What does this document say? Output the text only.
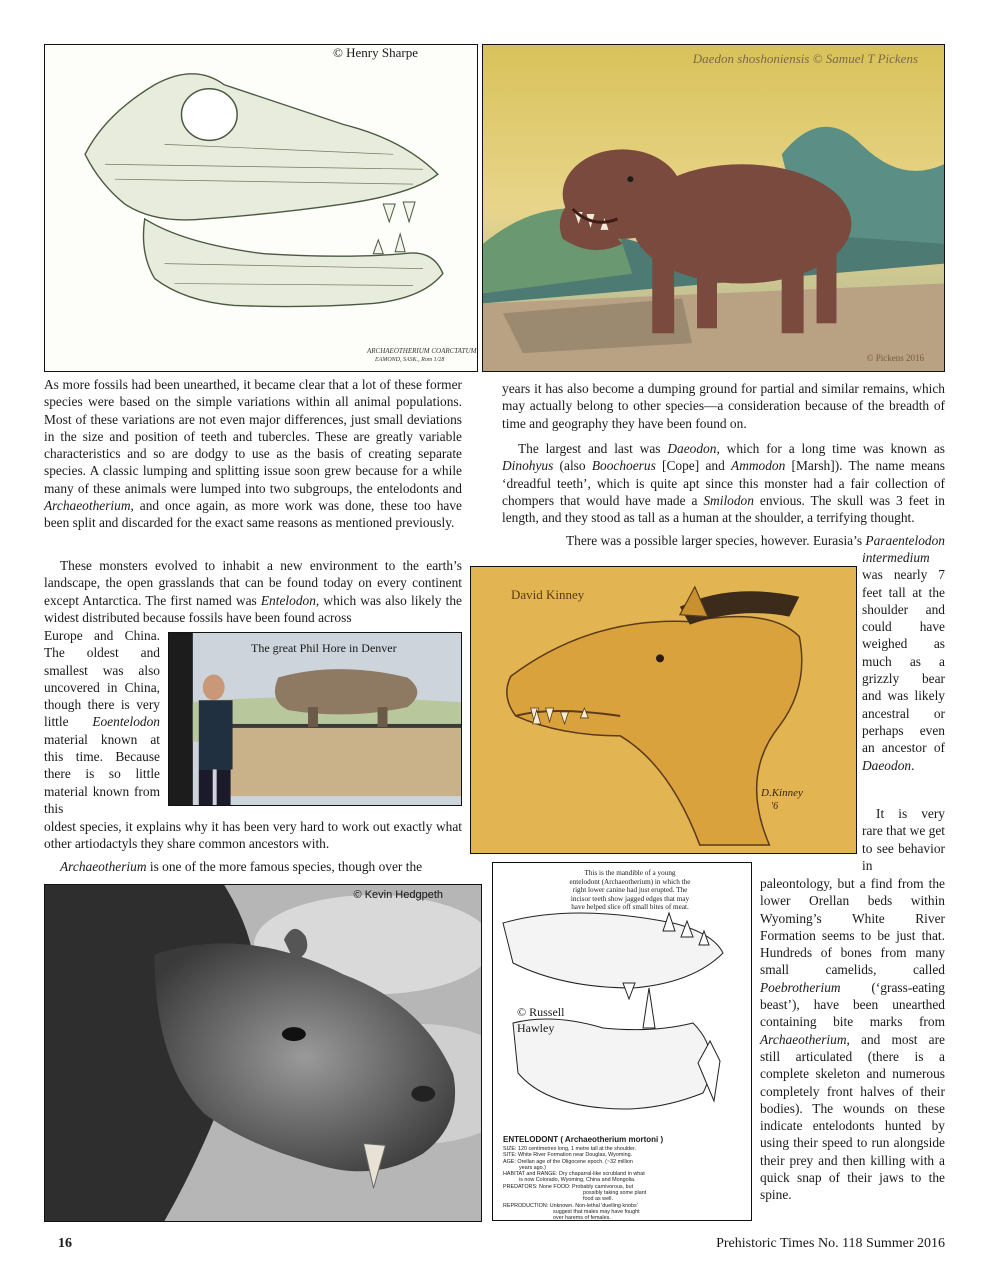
© Henry Sharpe
ARCHAEOTHERIUM COARCTATUM
EAMOND, SASK., Rom 1/28
Daedon shoshoniensis © Samuel T Pickens
© Pickens 2016

As more fossils had been unearthed, it became clear that a lot of these former species were based on the simple variations within all animal populations. Most of these variations are not even major differences, just small deviations in the size and position of teeth and tubercles. These are greatly variable characteristics and so are dodgy to use as the basis of creating separate species. A classic lumping and splitting issue soon grew because for a while many of these animals were lumped into two subgroups, the entelodonts and Archaeotherium, and once again, as more work was done, these too have been split and discarded for the exact same reasons as mentioned previously.

These monsters evolved to inhabit a new environment to the earth’s landscape, the open grasslands that can be found today on every continent except Antarctica. The first named was Entelodon, which was also likely the widest distributed because fossils have been found across

Europe and China. The oldest and smallest was also uncovered in China, though there is very little Eoentelodon material known at this time. Because there is so little material known from this

oldest species, it explains why it has been very hard to work out exactly what other artiodactyls they share common ancestors with.

Archaeotherium is one of the more famous species, though over the

The great Phil Hore in Denver

years it has also become a dumping ground for partial and similar remains, which may actually belong to other species—a consideration because of the breadth of time and geography they have been found on.

The largest and last was Daeodon, which for a long time was known as Dinohyus (also Boochoerus [Cope] and Ammodon [Marsh]). The name means ‘dreadful teeth’, which is quite apt since this monster had a fair collection of chompers that would have made a Smilodon envious. The skull was 3 feet in length, and they stood as tall as a human at the shoulder, a terrifying thought.

There was a possible larger species, however. Eurasia’s Paraentelodon

intermedium was nearly 7 feet tall at the shoulder and could have weighed as much as a grizzly bear and was likely ancestral or perhaps even an ancestor of Daeodon.

It is very rare that we get to see behavior in

paleontology, but a find from the lower Orellan beds within Wyoming’s White River Formation seems to be just that. Hundreds of bones from many small camelids, called Poebrotherium (‘grass-eating beast’), have been unearthed containing bite marks from Archaeotherium, and most are still articulated (there is a complete skeleton and numerous completely front halves of their bodies). The wounds on these indicate entelodonts hunted by using their speed to run alongside their prey and then killing with a quick snap of their jaws to the spine.

David Kinney
D.Kinney
'6
© Kevin Hedgpeth
This is the mandible of a young
entelodont (Archaeotherium) in which the
right lower canine had just erupted. The
incisor teeth show jagged edges that may
have helped slice off small bites of meat.
© Russell
Hawley
ENTELODONT ( Archaeotherium mortoni )
SIZE: 120 centimetres long, 1 metre tall at the shoulder.
SITE: White River Formation near Douglas, Wyoming.
AGE: Orellan age of the Oligocene epoch. (~32 million
years ago.)
HABITAT and RANGE: Dry chaparral-like scrubland in what
is now Colorado, Wyoming, China and Mongolia.
PREDATORS: None FOOD: Probably carnivorous, but
possibly taking some plant
food as well.
REPRODUCTION: Unknown. Non-lethal 'duelling knobs'
suggest that males may have fought
over harems of females.
16	Prehistoric Times No. 118 Summer 2016
